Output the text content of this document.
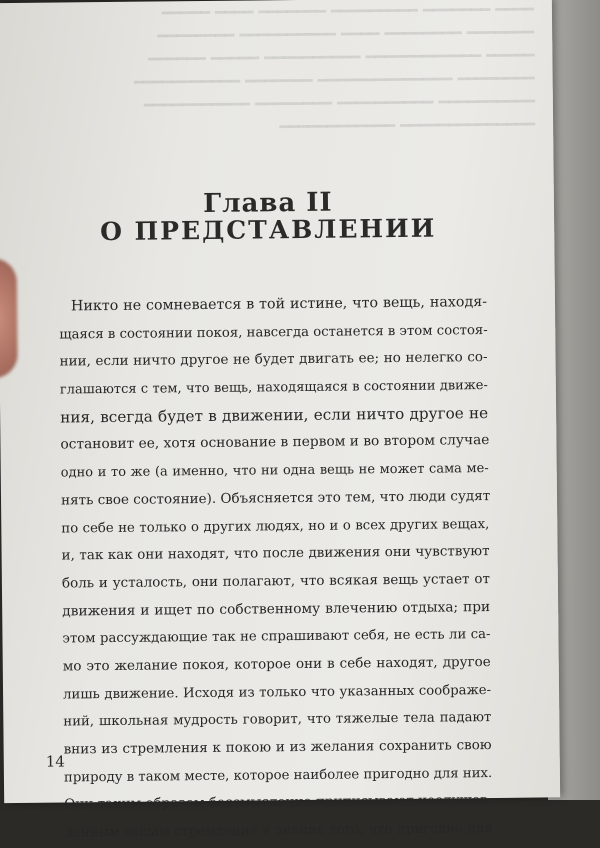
━━━━ ━━━━━━━ ━━━━━━━━━ ━━━━━━━ ━━━━ ━━━━━
━━━━━━━ ━━━━━━━━ ━━━━ ━━━━━━━━━━ ━━━━━━━━
━━━━━ ━━━━━━━━━━━━ ━━━━━━━━━━ ━━━━━ ━━━━━━
━━━━━━━━ ━━━━━━━━━━━━━━ ━━━━━━━ ━━━━━━━━━━━
━━━━━━━━━━ ━━━━━━━━━━ ━━━━━━━━ ━━━━━━━━━━━
━━━━━━━━━━━━━━ ━━━━━━━━━━━━
Глава II
О ПРЕДСТАВЛЕНИИ
Никто не сомневается в той истине, что вещь, находя-
щаяся в состоянии покоя, навсегда останется в этом состоя-
нии, если ничто другое не будет двигать ее; но нелегко со-
глашаются с тем, что вещь, находящаяся в состоянии движе-
ния, всегда будет в движении, если ничто другое не
остановит ее, хотя основание в первом и во втором случае
одно и то же (а именно, что ни одна вещь не может сама ме-
нять свое состояние). Объясняется это тем, что люди судят
по себе не только о других людях, но и о всех других вещах,
и, так как они находят, что после движения они чувствуют
боль и усталость, они полагают, что всякая вещь устает от
движения и ищет по собственному влечению отдыха; при
этом рассуждающие так не спрашивают себя, не есть ли са-
мо это желание покоя, которое они в себе находят, другое
лишь движение. Исходя из только что указанных соображе-
ний, школьная мудрость говорит, что тяжелые тела падают
вниз из стремления к покою и из желания сохранить свою
природу в таком месте, которое наиболее пригодно для них.
Они таким образом бессмысленно приписывают неодушев-
ленным вещам стремление и знание того, что пригодно для
14
